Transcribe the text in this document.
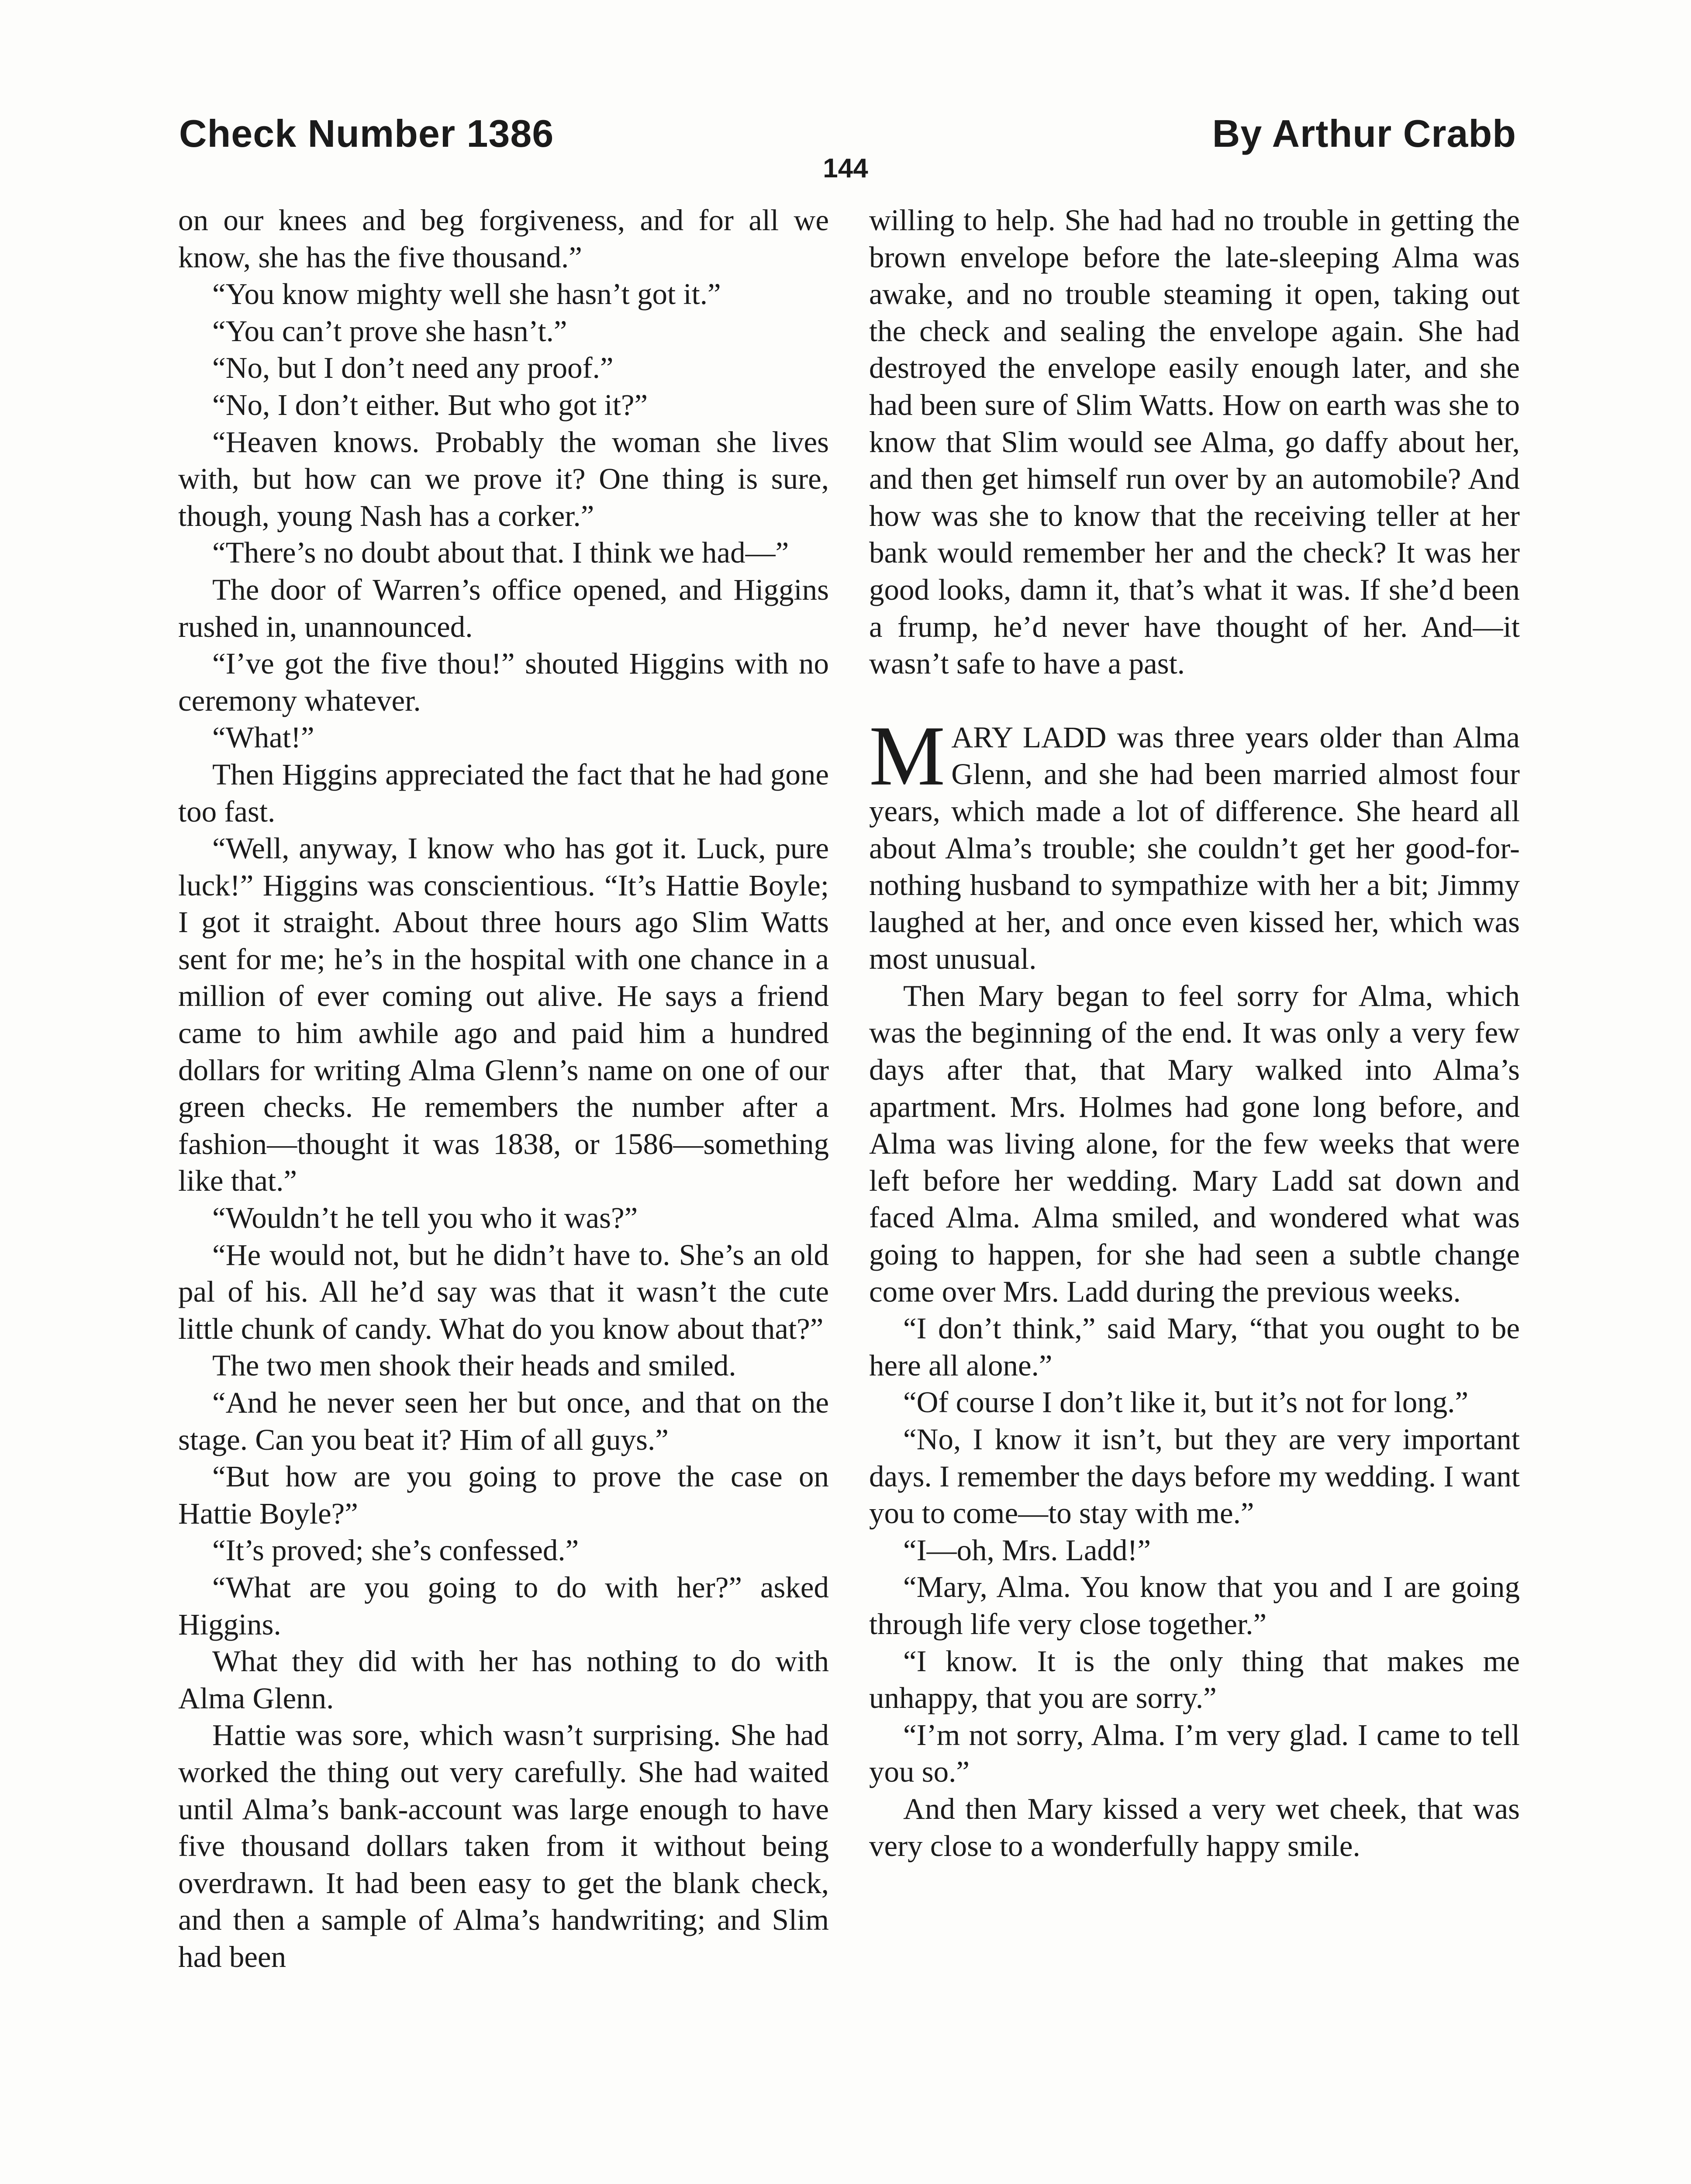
Check Number 1386	By Arthur Crabb
144

on our knees and beg forgiveness, and for all we know, she has the five thousand.”

“You know mighty well she hasn’t got it.”

“You can’t prove she hasn’t.”

“No, but I don’t need any proof.”

“No, I don’t either. But who got it?”

“Heaven knows. Probably the woman she lives with, but how can we prove it? One thing is sure, though, young Nash has a corker.”

“There’s no doubt about that. I think we had—”

The door of Warren’s office opened, and Higgins rushed in, unannounced.

“I’ve got the five thou!” shouted Higgins with no ceremony whatever.

“What!”

Then Higgins appreciated the fact that he had gone too fast.

“Well, anyway, I know who has got it. Luck, pure luck!” Higgins was conscientious. “It’s Hattie Boyle; I got it straight. About three hours ago Slim Watts sent for me; he’s in the hospital with one chance in a million of ever coming out alive. He says a friend came to him awhile ago and paid him a hundred dollars for writing Alma Glenn’s name on one of our green checks. He remembers the number after a fashion—thought it was 1838, or 1586—something like that.”

“Wouldn’t he tell you who it was?”

“He would not, but he didn’t have to. She’s an old pal of his. All he’d say was that it wasn’t the cute little chunk of candy. What do you know about that?”

The two men shook their heads and smiled.

“And he never seen her but once, and that on the stage. Can you beat it? Him of all guys.”

“But how are you going to prove the case on Hattie Boyle?”

“It’s proved; she’s confessed.”

“What are you going to do with her?” asked Higgins.

What they did with her has nothing to do with Alma Glenn.

Hattie was sore, which wasn’t surprising. She had worked the thing out very carefully. She had waited until Alma’s bank-account was large enough to have five thousand dollars taken from it without being overdrawn. It had been easy to get the blank check, and then a sample of Alma’s handwriting; and Slim had been

willing to help. She had had no trouble in getting the brown envelope before the late-sleeping Alma was awake, and no trouble steaming it open, taking out the check and sealing the envelope again. She had destroyed the envelope easily enough later, and she had been sure of Slim Watts. How on earth was she to know that Slim would see Alma, go daffy about her, and then get himself run over by an automobile? And how was she to know that the receiving teller at her bank would remember her and the check? It was her good looks, damn it, that’s what it was. If she’d been a frump, he’d never have thought of her. And—it wasn’t safe to have a past.

MARY LADD was three years older than Alma Glenn, and she had been married almost four years, which made a lot of difference. She heard all about Alma’s trouble; she couldn’t get her good-for-nothing husband to sympathize with her a bit; Jimmy laughed at her, and once even kissed her, which was most unusual.

Then Mary began to feel sorry for Alma, which was the beginning of the end. It was only a very few days after that, that Mary walked into Alma’s apartment. Mrs. Holmes had gone long before, and Alma was living alone, for the few weeks that were left before her wedding. Mary Ladd sat down and faced Alma. Alma smiled, and wondered what was going to happen, for she had seen a subtle change come over Mrs. Ladd during the previous weeks.

“I don’t think,” said Mary, “that you ought to be here all alone.”

“Of course I don’t like it, but it’s not for long.”

“No, I know it isn’t, but they are very important days. I remember the days before my wedding. I want you to come—to stay with me.”

“I—oh, Mrs. Ladd!”

“Mary, Alma. You know that you and I are going through life very close together.”

“I know. It is the only thing that makes me unhappy, that you are sorry.”

“I’m not sorry, Alma. I’m very glad. I came to tell you so.”

And then Mary kissed a very wet cheek, that was very close to a wonderfully happy smile.
